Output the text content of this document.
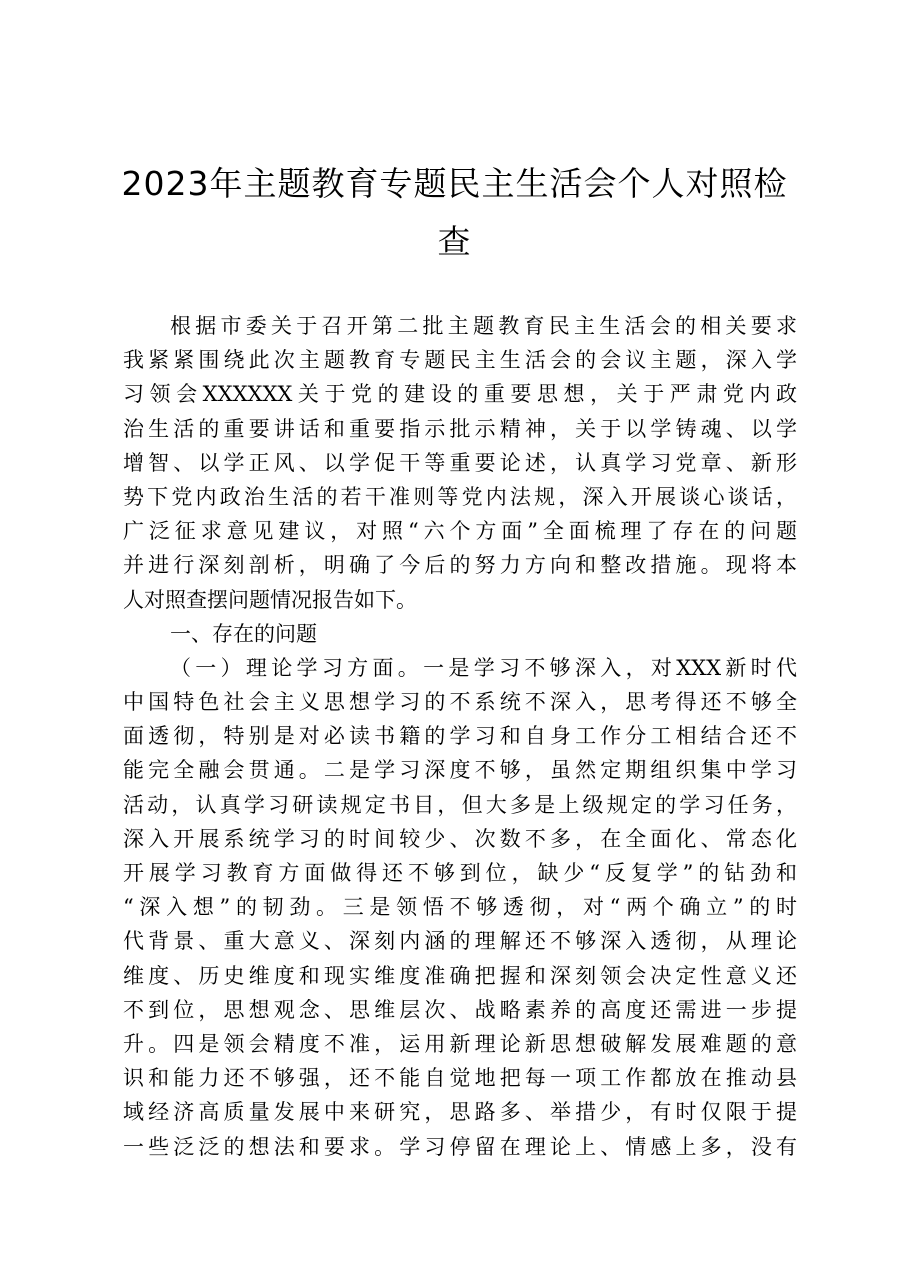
2023年主题教育专题民主生活会个人对照检
查
根据市委关于召开第二批主题教育民主生活会的相关要求
我紧紧围绕此次主题教育专题民主生活会的会议主题，深入学
习领会XXXXXX关于党的建设的重要思想，关于严肃党内政
治生活的重要讲话和重要指示批示精神，关于以学铸魂、以学
增智、以学正风、以学促干等重要论述，认真学习党章、新形
势下党内政治生活的若干准则等党内法规，深入开展谈心谈话，
广泛征求意见建议，对照“六个方面”全面梳理了存在的问题
并进行深刻剖析，明确了今后的努力方向和整改措施。现将本
人对照查摆问题情况报告如下。
一、存在的问题
（一）理论学习方面。一是学习不够深入，对XXX新时代
中国特色社会主义思想学习的不系统不深入，思考得还不够全
面透彻，特别是对必读书籍的学习和自身工作分工相结合还不
能完全融会贯通。二是学习深度不够，虽然定期组织集中学习
活动，认真学习研读规定书目，但大多是上级规定的学习任务，
深入开展系统学习的时间较少、次数不多，在全面化、常态化
开展学习教育方面做得还不够到位，缺少“反复学”的钻劲和
“深入想”的韧劲。三是领悟不够透彻，对“两个确立”的时
代背景、重大意义、深刻内涵的理解还不够深入透彻，从理论
维度、历史维度和现实维度准确把握和深刻领会决定性意义还
不到位，思想观念、思维层次、战略素养的高度还需进一步提
升。四是领会精度不准，运用新理论新思想破解发展难题的意
识和能力还不够强，还不能自觉地把每一项工作都放在推动县
域经济高质量发展中来研究，思路多、举措少，有时仅限于提
一些泛泛的想法和要求。学习停留在理论上、情感上多，没有
